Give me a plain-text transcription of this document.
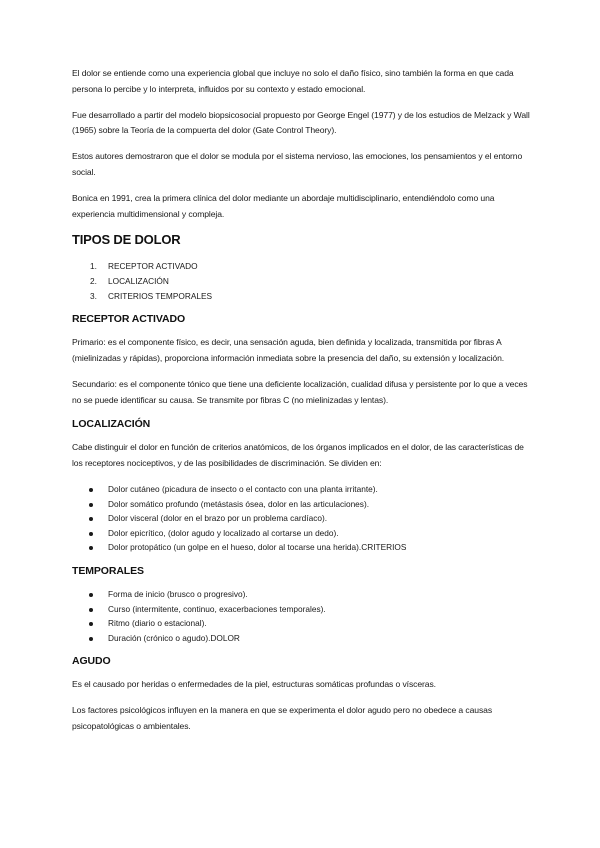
El dolor se entiende como una experiencia global que incluye no solo el daño físico, sino también la forma en que cada persona lo percibe y lo interpreta, influidos por su contexto y estado emocional.

Fue desarrollado a partir del modelo biopsicosocial propuesto por George Engel (1977) y de los estudios de Melzack y Wall (1965) sobre la Teoría de la compuerta del dolor (Gate Control Theory).

Estos autores demostraron que el dolor se modula por el sistema nervioso, las emociones, los pensamientos y el entorno social.

Bonica en 1991, crea la primera clínica del dolor mediante un abordaje multidisciplinario, entendiéndolo como una experiencia multidimensional y compleja.

TIPOS DE DOLOR
1. RECEPTOR ACTIVADO
2. LOCALIZACIÓN
3. CRITERIOS TEMPORALES
RECEPTOR ACTIVADO

Primario: es el componente físico, es decir, una sensación aguda, bien definida y localizada, transmitida por fibras A (mielinizadas y rápidas), proporciona información inmediata sobre la presencia del daño, su extensión y localización.

Secundario: es el componente tónico que tiene una deficiente localización, cualidad difusa y persistente por lo que a veces no se puede identificar su causa. Se transmite por fibras C (no mielinizadas y lentas).

LOCALIZACIÓN

Cabe distinguir el dolor en función de criterios anatómicos, de los órganos implicados en el dolor, de las características de los receptores nociceptivos, y de las posibilidades de discriminación. Se dividen en:

Dolor cutáneo (picadura de insecto o el contacto con una planta irritante).
Dolor somático profundo (metástasis ósea, dolor en las articulaciones).
Dolor visceral (dolor en el brazo por un problema cardíaco).
Dolor epicrítico, (dolor agudo y localizado al cortarse un dedo).
Dolor protopático (un golpe en el hueso, dolor al tocarse una herida).CRITERIOS
TEMPORALES
Forma de inicio (brusco o progresivo).
Curso (intermitente, continuo, exacerbaciones temporales).
Ritmo (diario o estacional).
Duración (crónico o agudo).DOLOR
AGUDO

Es el causado por heridas o enfermedades de la piel, estructuras somáticas profundas o vísceras.

Los factores psicológicos influyen en la manera en que se experimenta el dolor agudo pero no obedece a causas psicopatológicas o ambientales.
